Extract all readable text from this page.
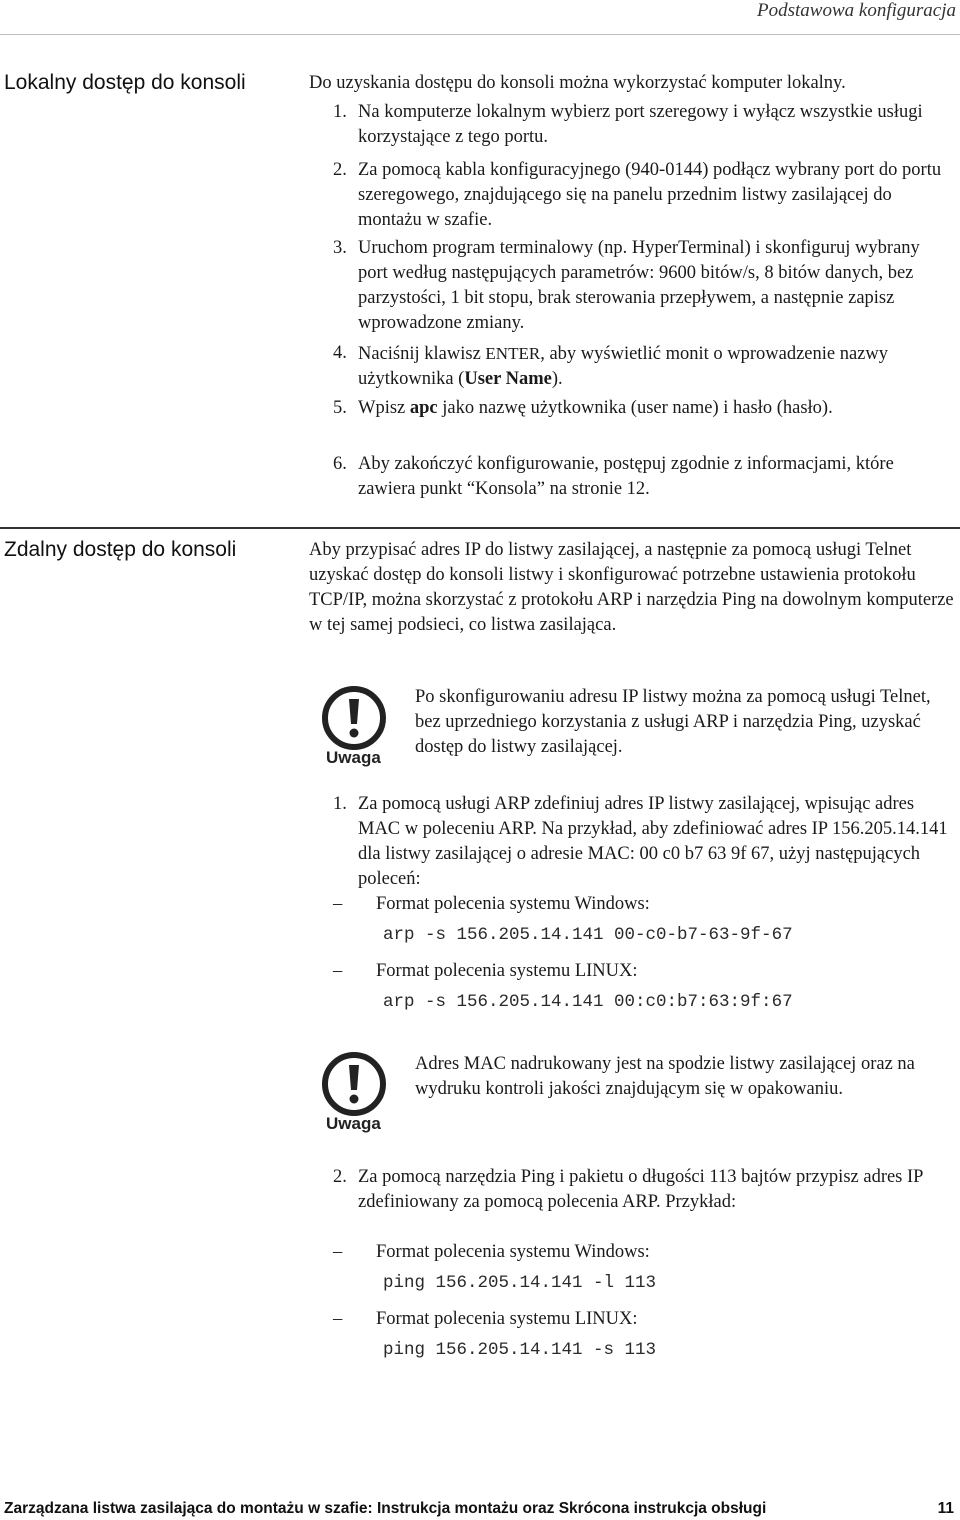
Podstawowa konfiguracja
Lokalny dostęp do konsoli	Do uzyskania dostępu do konsoli można wykorzystać komputer lokalny.
1. Na komputerze lokalnym wybierz port szeregowy i wyłącz wszystkie usługi korzystające z tego portu.
2. Za pomocą kabla konfiguracyjnego (940-0144) podłącz wybrany port do portu szeregowego, znajdującego się na panelu przednim listwy zasilającej do montażu w szafie.
3. Uruchom program terminalowy (np. HyperTerminal) i skonfiguruj wybrany port według następujących parametrów: 9600 bitów/s, 8 bitów danych, bez parzystości, 1 bit stopu, brak sterowania przepływem, a następnie zapisz wprowadzone zmiany.
4. Naciśnij klawisz ENTER, aby wyświetlić monit o wprowadzenie nazwy użytkownika (User Name).
5. Wpisz apc jako nazwę użytkownika (user name) i hasło (hasło).
6. Aby zakończyć konfigurowanie, postępuj zgodnie z informacjami, które zawiera punkt “Konsola” na stronie 12.
Zdalny dostęp do konsoli	Aby przypisać adres IP do listwy zasilającej, a następnie za pomocą usługi Telnet uzyskać dostęp do konsoli listwy i skonfigurować potrzebne ustawienia protokołu TCP/IP, można skorzystać z protokołu ARP i narzędzia Ping na dowolnym komputerze w tej samej podsieci, co listwa zasilająca.
Uwaga
Po skonfigurowaniu adresu IP listwy można za pomocą usługi Telnet, bez uprzedniego korzystania z usługi ARP i narzędzia Ping, uzyskać dostęp do listwy zasilającej.
1. Za pomocą usługi ARP zdefiniuj adres IP listwy zasilającej, wpisując adres MAC w poleceniu ARP. Na przykład, aby zdefiniować adres IP 156.205.14.141 dla listwy zasilającej o adresie MAC: 00 c0 b7 63 9f 67, użyj następujących poleceń:
– Format polecenia systemu Windows:
arp -s 156.205.14.141 00-c0-b7-63-9f-67
– Format polecenia systemu LINUX:
arp -s 156.205.14.141 00:c0:b7:63:9f:67
Uwaga
Adres MAC nadrukowany jest na spodzie listwy zasilającej oraz na wydruku kontroli jakości znajdującym się w opakowaniu.
2. Za pomocą narzędzia Ping i pakietu o długości 113 bajtów przypisz adres IP zdefiniowany za pomocą polecenia ARP. Przykład:
– Format polecenia systemu Windows:
ping 156.205.14.141 -l 113
– Format polecenia systemu LINUX:
ping 156.205.14.141 -s 113
Zarządzana listwa zasilająca do montażu w szafie: Instrukcja montażu oraz Skrócona instrukcja obsługi	11
